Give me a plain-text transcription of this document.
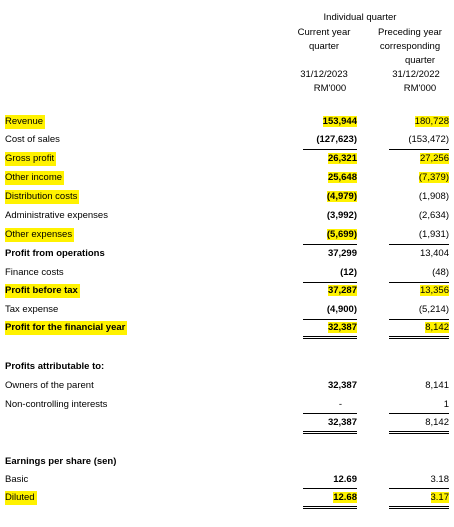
Individual quarter
Current year
quarter
Preceding year
corresponding
quarter
31/12/2023	31/12/2022
RM'000	RM'000
Revenue	153,944	180,728
Cost of sales	(127,623)	(153,472)
Gross profit	26,321	27,256
Other income	25,648	(7,379)
Distribution costs	(4,979)	(1,908)
Administrative expenses	(3,992)	(2,634)
Other expenses	(5,699)	(1,931)
Profit from operations	37,299	13,404
Finance costs	(12)	(48)
Profit before tax	37,287	13,356
Tax expense	(4,900)	(5,214)
Profit for the financial year	32,387	8,142
Profits attributable to:
Owners of the parent	32,387	8,141
Non-controlling interests	-	1
32,387	8,142
Earnings per share (sen)
Basic	12.69	3.18
Diluted	12.68	3.17
